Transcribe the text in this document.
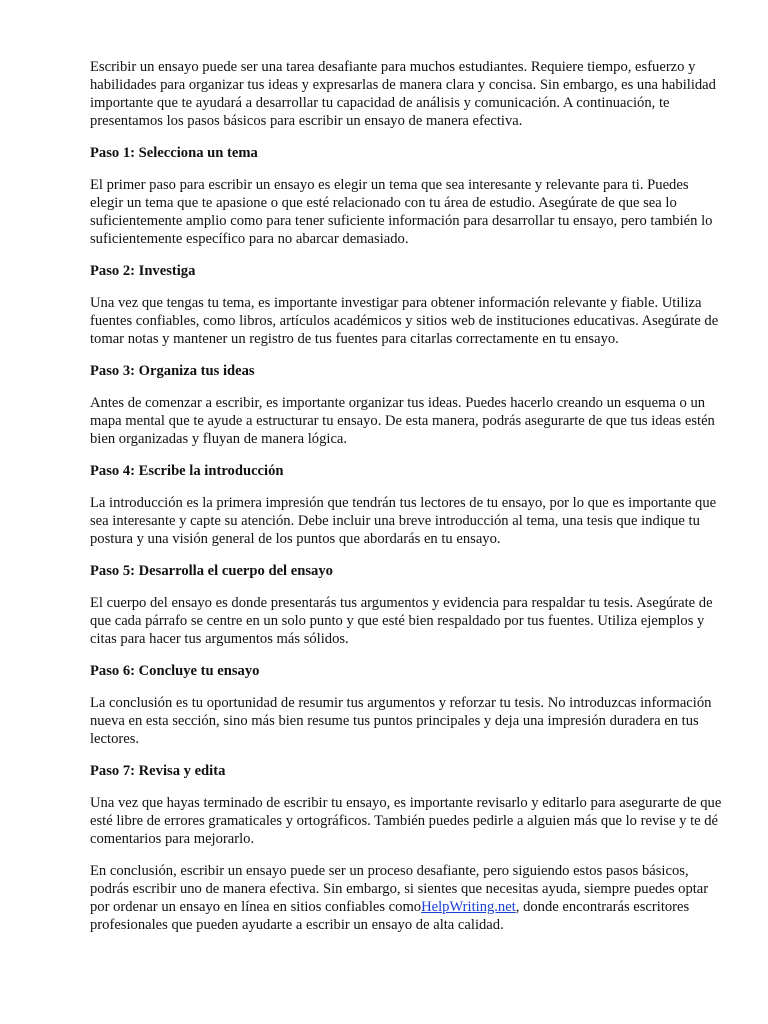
Escribir un ensayo puede ser una tarea desafiante para muchos estudiantes. Requiere tiempo, esfuerzo y habilidades para organizar tus ideas y expresarlas de manera clara y concisa. Sin embargo, es una habilidad importante que te ayudará a desarrollar tu capacidad de análisis y comunicación. A continuación, te presentamos los pasos básicos para escribir un ensayo de manera efectiva.

Paso 1: Selecciona un tema

El primer paso para escribir un ensayo es elegir un tema que sea interesante y relevante para ti. Puedes elegir un tema que te apasione o que esté relacionado con tu área de estudio. Asegúrate de que sea lo suficientemente amplio como para tener suficiente información para desarrollar tu ensayo, pero también lo suficientemente específico para no abarcar demasiado.

Paso 2: Investiga

Una vez que tengas tu tema, es importante investigar para obtener información relevante y fiable. Utiliza fuentes confiables, como libros, artículos académicos y sitios web de instituciones educativas. Asegúrate de tomar notas y mantener un registro de tus fuentes para citarlas correctamente en tu ensayo.

Paso 3: Organiza tus ideas

Antes de comenzar a escribir, es importante organizar tus ideas. Puedes hacerlo creando un esquema o un mapa mental que te ayude a estructurar tu ensayo. De esta manera, podrás asegurarte de que tus ideas estén bien organizadas y fluyan de manera lógica.

Paso 4: Escribe la introducción

La introducción es la primera impresión que tendrán tus lectores de tu ensayo, por lo que es importante que sea interesante y capte su atención. Debe incluir una breve introducción al tema, una tesis que indique tu postura y una visión general de los puntos que abordarás en tu ensayo.

Paso 5: Desarrolla el cuerpo del ensayo

El cuerpo del ensayo es donde presentarás tus argumentos y evidencia para respaldar tu tesis. Asegúrate de que cada párrafo se centre en un solo punto y que esté bien respaldado por tus fuentes. Utiliza ejemplos y citas para hacer tus argumentos más sólidos.

Paso 6: Concluye tu ensayo

La conclusión es tu oportunidad de resumir tus argumentos y reforzar tu tesis. No introduzcas información nueva en esta sección, sino más bien resume tus puntos principales y deja una impresión duradera en tus lectores.

Paso 7: Revisa y edita

Una vez que hayas terminado de escribir tu ensayo, es importante revisarlo y editarlo para asegurarte de que esté libre de errores gramaticales y ortográficos. También puedes pedirle a alguien más que lo revise y te dé comentarios para mejorarlo.

En conclusión, escribir un ensayo puede ser un proceso desafiante, pero siguiendo estos pasos básicos, podrás escribir uno de manera efectiva. Sin embargo, si sientes que necesitas ayuda, siempre puedes optar por ordenar un ensayo en línea en sitios confiables comoHelpWriting.net, donde encontrarás escritores profesionales que pueden ayudarte a escribir un ensayo de alta calidad.
